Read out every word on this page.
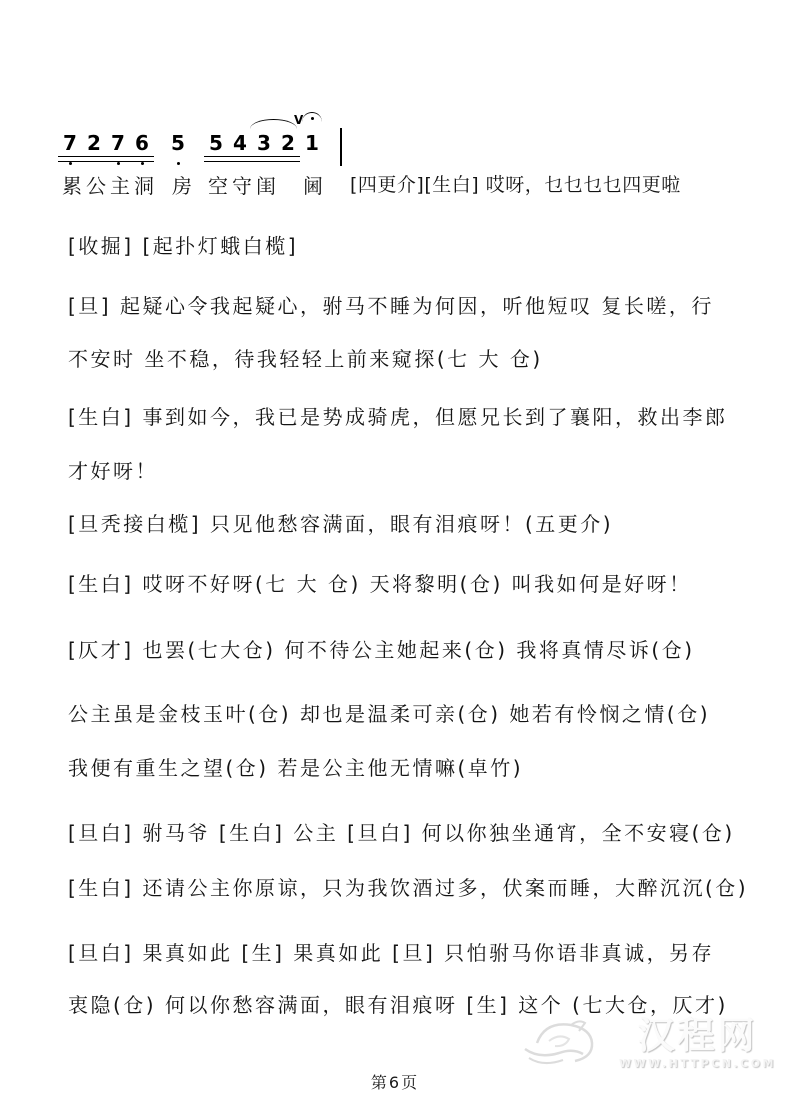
7 2 7 6 5 5 4 3 2
V
1
累公主洞 房 空守闺 阃 [四更介][生白] 哎呀，乜乜乜乜四更啦
[收掘] [起扑灯蛾白榄]
[旦] 起疑心令我起疑心，驸马不睡为何因，听他短叹 复长嗟，行
不安时 坐不稳，待我轻轻上前来窥探(七 大 仓)
[生白] 事到如今，我已是势成骑虎，但愿兄长到了襄阳，救出李郎
才好呀！
[旦秃接白榄] 只见他愁容满面，眼有泪痕呀！(五更介)
[生白] 哎呀不好呀(七 大 仓) 天将黎明(仓) 叫我如何是好呀！
[仄才] 也罢(七大仓) 何不待公主她起来(仓) 我将真情尽诉(仓)
公主虽是金枝玉叶(仓) 却也是温柔可亲(仓) 她若有怜悯之情(仓)
我便有重生之望(仓) 若是公主他无情嘛(卓竹)
[旦白] 驸马爷 [生白] 公主 [旦白] 何以你独坐通宵，全不安寝(仓)
[生白] 还请公主你原谅，只为我饮酒过多，伏案而睡，大醉沉沉(仓)
[旦白] 果真如此 [生] 果真如此 [旦] 只怕驸马你语非真诚，另存
衷隐(仓) 何以你愁容满面，眼有泪痕呀 [生] 这个 (七大仓，仄才)
汉程网
WWW.HTTPCN.COM
第6页
